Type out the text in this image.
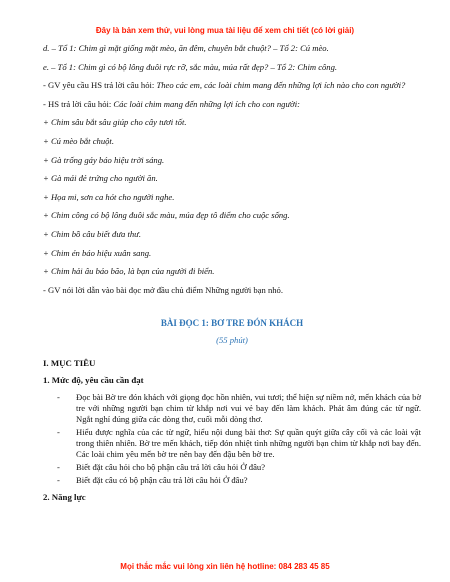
Đây là bản xem thử, vui lòng mua tài liệu để xem chi tiết (có lời giải)

d. – Tổ 1: Chim gì mặt giống mặt mèo, ăn đêm, chuyên bắt chuột? – Tổ 2: Cú mèo.

e. – Tổ 1: Chim gì có bộ lông đuôi rực rỡ, sắc màu, múa rất đẹp? – Tổ 2: Chim công.

- GV yêu cầu HS trả lời câu hỏi: Theo các em, các loài chim mang đến những lợi ích nào cho con người?

- HS trả lời câu hỏi: Các loài chim mang đến những lợi ích cho con người:

+ Chim sâu bắt sâu giúp cho cây tươi tốt.

+ Cú mèo bắt chuột.

+ Gà trống gáy báo hiệu trời sáng.

+ Gà mái đẻ trứng cho người ăn.

+ Họa mi, sơn ca hót cho người nghe.

+ Chim công có bộ lông đuôi sắc màu, múa đẹp tô điểm cho cuộc sống.

+ Chim bồ câu biết đưa thư.

+ Chim én báo hiệu xuân sang.

+ Chim hải âu báo bão, là bạn của người đi biển.

- GV nói lời dẫn vào bài đọc mở đầu chủ điểm Những người bạn nhỏ.

BÀI ĐỌC 1: BƠ TRE ĐÓN KHÁCH
(55 phút)
I. MỤC TIÊU
1. Mức độ, yêu cầu cần đạt
- Đọc bài Bờ tre đón khách với giọng đọc hồn nhiên, vui tươi; thể hiện sự niềm nở, mến khách của bờ tre với những người bạn chim từ khắp nơi vui vẻ bay đến làm khách. Phát âm đúng các từ ngữ. Ngắt nghỉ đúng giữa các dòng thơ, cuối mỗi dòng thơ.
- Hiểu được nghĩa của các từ ngữ, hiểu nội dung bài thơ: Sự quần quýt giữa cây cối và các loài vật trong thiên nhiên. Bờ tre mến khách, tiếp đón nhiệt tình những người bạn chim từ khắp nơi bay đến. Các loài chim yêu mến bờ tre nên bay đến đậu bên bờ tre.
- Biết đặt câu hỏi cho bộ phận câu trả lời câu hỏi Ở đâu?
- Biết đặt câu có bộ phận câu trả lời câu hỏi Ở đâu?
2. Năng lực
Mọi thắc mắc vui lòng xin liên hệ hotline: 084 283 45 85
